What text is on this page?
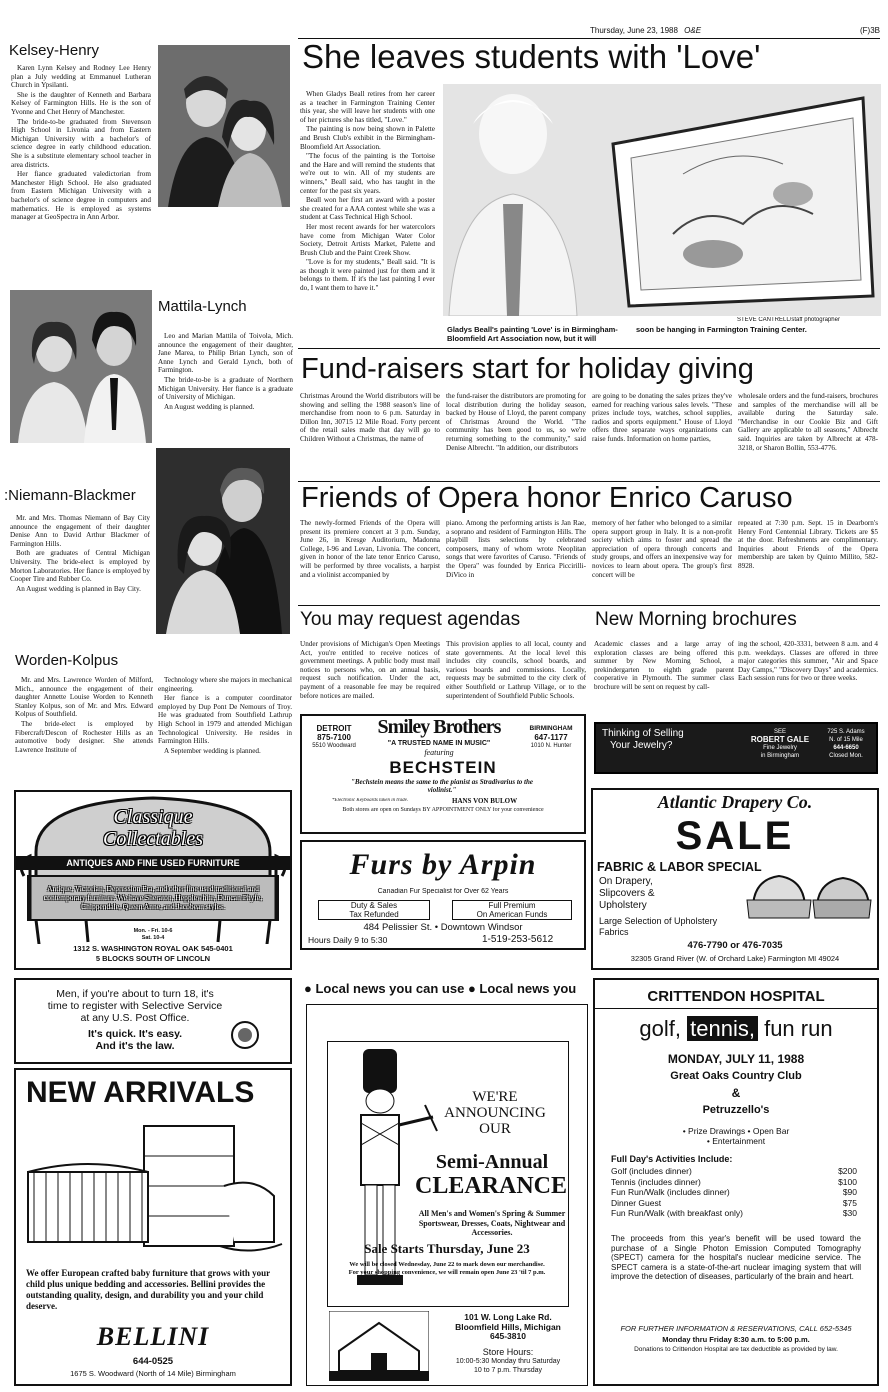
Thursday, June 23, 1988 O&E	(F)3B
Kelsey-Henry

Karen Lynn Kelsey and Rodney Lee Henry plan a July wedding at Emmanuel Lutheran Church in Ypsilanti.

She is the daughter of Kenneth and Barbara Kelsey of Farmington Hills. He is the son of Yvonne and Chet Henry of Manchester.

The bride-to-be graduated from Stevenson High School in Livonia and from Eastern Michigan University with a bachelor's of science degree in early childhood education. She is a substitute elementary school teacher in area districts.

Her fiance graduated valedictorian from Manchester High School. He also graduated from Eastern Michigan University with a bachelor's of science degree in computers and mathematics. He is employed as systems manager at GeoSpectra in Ann Arbor.

Mattila-Lynch

Leo and Marian Mattila of Toivola, Mich. announce the engagement of their daughter, Jane Marea, to Philip Brian Lynch, son of Anne Lynch and Gerald Lynch, both of Farmington.

The bride-to-be is a graduate of Northern Michigan University. Her fiance is a graduate of University of Michigan.

An August wedding is planned.

:Niemann-Blackmer

Mr. and Mrs. Thomas Niemann of Bay City announce the engagement of their daughter Denise Ann to David Arthur Blackmer of Farmington Hills.

Both are graduates of Central Michigan University. The bride-elect is employed by Morton Laboratories. Her fiance is employed by Cooper Tire and Rubber Co.

An August wedding is planned in Bay City.

Worden-Kolpus

Mr. and Mrs. Lawrence Worden of Milford, Mich., announce the engagement of their daughter Annette Louise Worden to Kenneth Stanley Kolpus, son of Mr. and Mrs. Edward Kolpus of Southfield.

The bride-elect is employed by Fibercraft/Descon of Rochester Hills as an automotive body designer. She attends Lawrence Institute of

Technology where she majors in mechanical engineering.

Her fiance is a computer coordinator employed by Dup Pont De Nemours of Troy. He was graduated from Southfield Lathrup High School in 1979 and attended Michigan Technological University. He resides in Farmington Hills.

A September wedding is planned.

She leaves students with 'Love'

When Gladys Beall retires from her career as a teacher in Farmington Training Center this year, she will leave her students with one of her pictures she has titled, "Love."

The painting is now being shown in Palette and Brush Club's exhibit in the Birmingham-Bloomfield Art Association.

"The focus of the painting is the Tortoise and the Hare and will remind the students that we're out to win. All of my students are winners," Beall said, who has taught in the center for the past six years.

Beall won her first art award with a poster she created for a AAA contest while she was a student at Cass Technical High School.

Her most recent awards for her watercolors have come from Michigan Water Color Society, Detroit Artists Market, Palette and Brush Club and the Paint Creek Show.

"Love is for my students," Beall said. "It is as though it were painted just for them and it belongs to them. If it's the last painting I ever do, I want them to have it."

STEVE CANTRELL/staff photographer
Gladys Beall's painting 'Love' is in Birmingham-Bloomfield Art Association now, but it will
soon be hanging in Farmington Training Center.
Fund-raisers start for holiday giving
Christmas Around the World distributors will be showing and selling the 1988 season's line of merchandise from noon to 6 p.m. Saturday in Dillon Inn, 30715 12 Mile Road. Forty percent of the retail sales made that day will go to Children Without a Christmas, the name of
the fund-raiser the distributors are promoting for local distribution during the holiday season, backed by House of Lloyd, the parent company of Christmas Around the World. "The community has been good to us, so we're returning something to the community," said Denise Albrecht. "In addition, our distributors
are going to be donating the sales prizes they've earned for reaching various sales levels. "These prizes include toys, watches, school supplies, radios and sports equipment." House of Lloyd offers three separate ways organizations can raise funds. Information on home parties,
wholesale orders and the fund-raisers, brochures and samples of the merchandise will all be available during the Saturday sale. "Merchandise in our Cookie Biz and Gift Gallery are applicable to all seasons," Albrecht said. Inquiries are taken by Albrecht at 478-3218, or Sharon Bollin, 553-4776.
Friends of Opera honor Enrico Caruso
The newly-formed Friends of the Opera will present its premiere concert at 3 p.m. Sunday, June 26, in Kresge Auditorium, Madonna College, I-96 and Levan, Livonia. The concert, given in honor of the late tenor Enrico Caruso, will be performed by three vocalists, a harpist and a violinist accompanied by
piano. Among the performing artists is Jan Rae, a soprano and resident of Farmington Hills. The playbill lists selections by celebrated composers, many of whom wrote Neoplitan songs that were favorites of Caruso. "Friends of the Opera" was founded by Enrica Piccirilli-DiVico in
memory of her father who belonged to a similar opera support group in Italy. It is a non-profit society which aims to foster and spread the appreciation of opera through concerts and study groups, and offers an inexpensive way for novices to learn about opera. The group's first concert will be
repeated at 7:30 p.m. Sept. 15 in Dearborn's Henry Ford Centennial Library. Tickets are $5 at the door. Refreshments are complimentary. Inquiries about Friends of the Opera membership are taken by Quinto Millito, 582-8928.
You may request agendas
Under provisions of Michigan's Open Meetings Act, you're entitled to receive notices of government meetings. A public body must mail notices to persons who, on an annual basis, request such notification. Under the act, payment of a reasonable fee may be required before notices are mailed.
This provision applies to all local, county and state governments. At the local level this includes city councils, school boards, and various boards and commissions. Locally, requests may be submitted to the city clerk of either Southfield or Lathrup Village, or to the superintendent of Southfield Public Schools.
New Morning brochures
Academic classes and a large array of exploration classes are being offered this summer by New Morning School, a prekindergarten to eighth grade parent cooperative in Plymouth. The summer class brochure will be sent on request by call-
ing the school, 420-3331, between 8 a.m. and 4 p.m. weekdays. Classes are offered in three major categories this summer, "Air and Space Day Camps," "Discovery Days" and academics. Each session runs for two or three weeks.
DETROIT
875-7100
5510 Woodward
Smiley Brothers
"A TRUSTED NAME IN MUSIC"
featuring
BIRMINGHAM
647-1177
1010 N. Hunter
BECHSTEIN
"Bechstein means the same to the pianist as Stradivarius to the violinist."
*Electronic Keyboards taken in trade.	HANS VON BULOW
Both stores are open on Sundays BY APPOINTMENT ONLY for your convenience
Thinking of Selling
Your Jewelry?
SEE
ROBERT GALE
Fine Jewelry
in Birmingham
725 S. Adams
N. of 15 Mile
644-6650
Closed Mon.
Classique
Collectables
ANTIQUES AND FINE USED FURNITURE
Antique, Victorian, Depression Era, and other fine used traditional and contemporary furniture. We have Sheraton, Hepplewhite, Duncan Phyfe, Chippendale, Queen Anne, and Jacobean styles.
Mon. - Fri. 10-6
Sat. 10-4
1312 S. WASHINGTON ROYAL OAK 545-0401
5 BLOCKS SOUTH OF LINCOLN
Furs by Arpin
Canadian Fur Specialist for Over 62 Years
Duty & Sales
Tax Refunded
Full Premium
On American Funds
484 Pelissier St. • Downtown Windsor
Hours Daily 9 to 5:30	1-519-253-5612
Atlantic Drapery Co.
SALE
FABRIC & LABOR SPECIAL
On Drapery,
Slipcovers &
Upholstery
Large Selection of Upholstery Fabrics
476-7790 or 476-7035
32305 Grand River (W. of Orchard Lake) Farmington MI 49024
Men, if you're about to turn 18, it's
time to register with Selective Service
at any U.S. Post Office.
It's quick. It's easy.
And it's the law.
● Local news you can use ● Local news you	CRITTENDON HOSPITAL
golf, tennis, fun run
MONDAY, JULY 11, 1988
Great Oaks Country Club
&
Petruzzello's
• Prize Drawings • Open Bar
• Entertainment
Full Day's Activities Include:
Golf (includes dinner)	$200
Tennis (includes dinner)	$100
Fun Run/Walk (includes dinner)	$90
Dinner Guest	$75
Fun Run/Walk (with breakfast only)	$30
The proceeds from this year's benefit will be used toward the purchase of a Single Photon Emission Computed Tomography (SPECT) camera for the hospital's nuclear medicine service. The SPECT camera is a state-of-the-art nuclear imaging system that will improve the detection of diseases, particularly of the brain and heart.
FOR FURTHER INFORMATION & RESERVATIONS, CALL 652-5345
Monday thru Friday 8:30 a.m. to 5:00 p.m.
Donations to Crittendon Hospital are tax deductible as provided by law.
NEW ARRIVALS
We offer European crafted baby furniture that grows with your child plus unique bedding and accessories. Bellini provides the outstanding quality, design, and durability you and your child deserve.
BELLINI
644-0525
1675 S. Woodward (North of 14 Mile) Birmingham
WE'RE
ANNOUNCING
OUR
Semi-Annual
CLEARANCE
All Men's and Women's Spring & Summer Sportswear, Dresses, Coats, Nightwear and Accessories.
Sale Starts Thursday, June 23
We will be closed Wednesday, June 22 to mark down our merchandise. For your shopping convenience, we will remain open June 23 'til 7 p.m.
101 W. Long Lake Rd.
Bloomfield Hills, Michigan
645-3810
Store Hours:
10:00-5:30 Monday thru Saturday
10 to 7 p.m. Thursday
